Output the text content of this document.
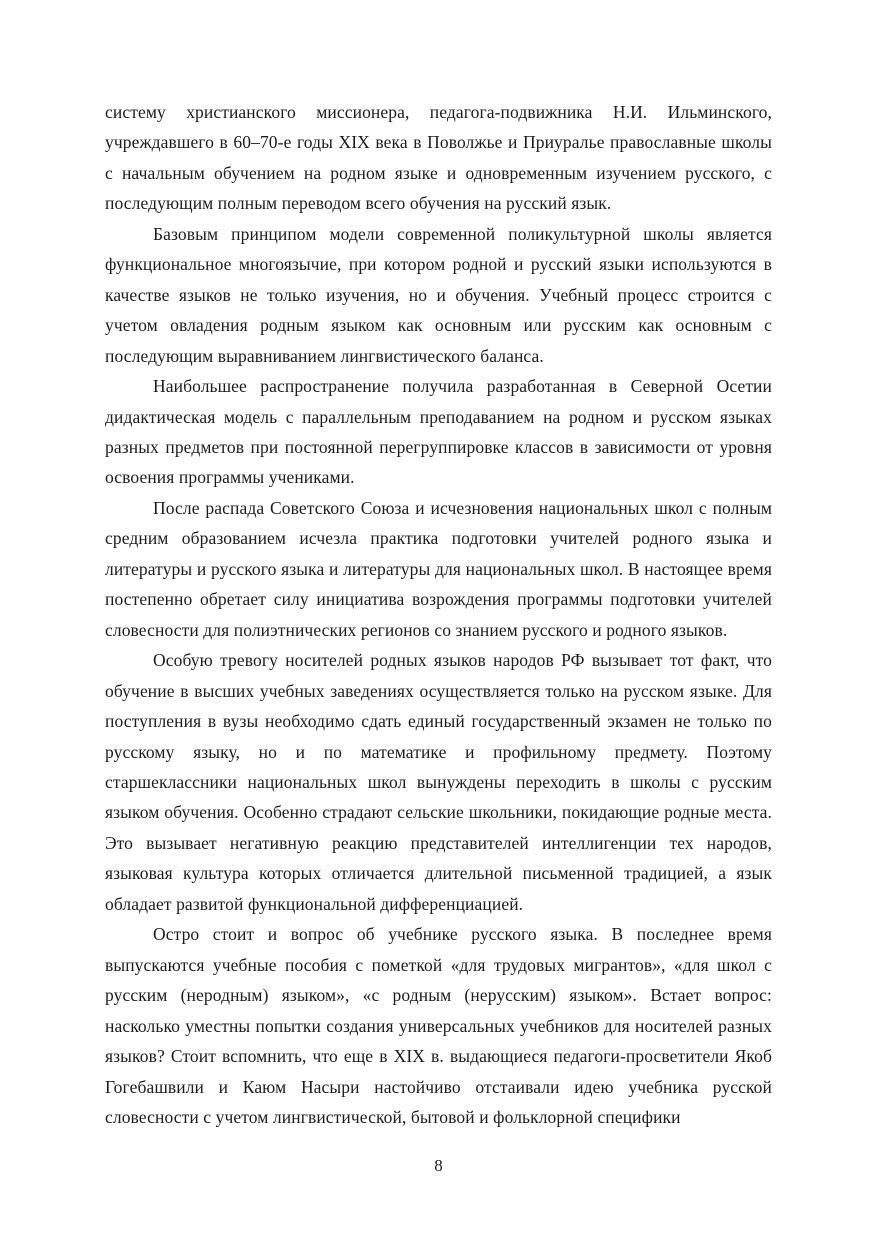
систему христианского миссионера, педагога-подвижника Н.И. Ильминского, учреждавшего в 60–70-е годы XIX века в Поволжье и Приуралье православные школы с начальным обучением на родном языке и одновременным изучением русского, с последующим полным переводом всего обучения на русский язык.

Базовым принципом модели современной поликультурной школы является функциональное многоязычие, при котором родной и русский языки используются в качестве языков не только изучения, но и обучения. Учебный процесс строится с учетом овладения родным языком как основным или русским как основным с последующим выравниванием лингвистического баланса.

Наибольшее распространение получила разработанная в Северной Осетии дидактическая модель с параллельным преподаванием на родном и русском языках разных предметов при постоянной перегруппировке классов в зависимости от уровня освоения программы учениками.

После распада Советского Союза и исчезновения национальных школ с полным средним образованием исчезла практика подготовки учителей родного языка и литературы и русского языка и литературы для национальных школ. В настоящее время постепенно обретает силу инициатива возрождения программы подготовки учителей словесности для полиэтнических регионов со знанием русского и родного языков.

Особую тревогу носителей родных языков народов РФ вызывает тот факт, что обучение в высших учебных заведениях осуществляется только на русском языке. Для поступления в вузы необходимо сдать единый государственный экзамен не только по русскому языку, но и по математике и профильному предмету. Поэтому старшеклассники национальных школ вынуждены переходить в школы с русским языком обучения. Особенно страдают сельские школьники, покидающие родные места. Это вызывает негативную реакцию представителей интеллигенции тех народов, языковая культура которых отличается длительной письменной традицией, а язык обладает развитой функциональной дифференциацией.

Остро стоит и вопрос об учебнике русского языка. В последнее время выпускаются учебные пособия с пометкой «для трудовых мигрантов», «для школ с русским (неродным) языком», «с родным (нерусским) языком». Встает вопрос: насколько уместны попытки создания универсальных учебников для носителей разных языков? Стоит вспомнить, что еще в XIX в. выдающиеся педагоги-просветители Якоб Гогебашвили и Каюм Насыри настойчиво отстаивали идею учебника русской словесности с учетом лингвистической, бытовой и фольклорной специфики

8
